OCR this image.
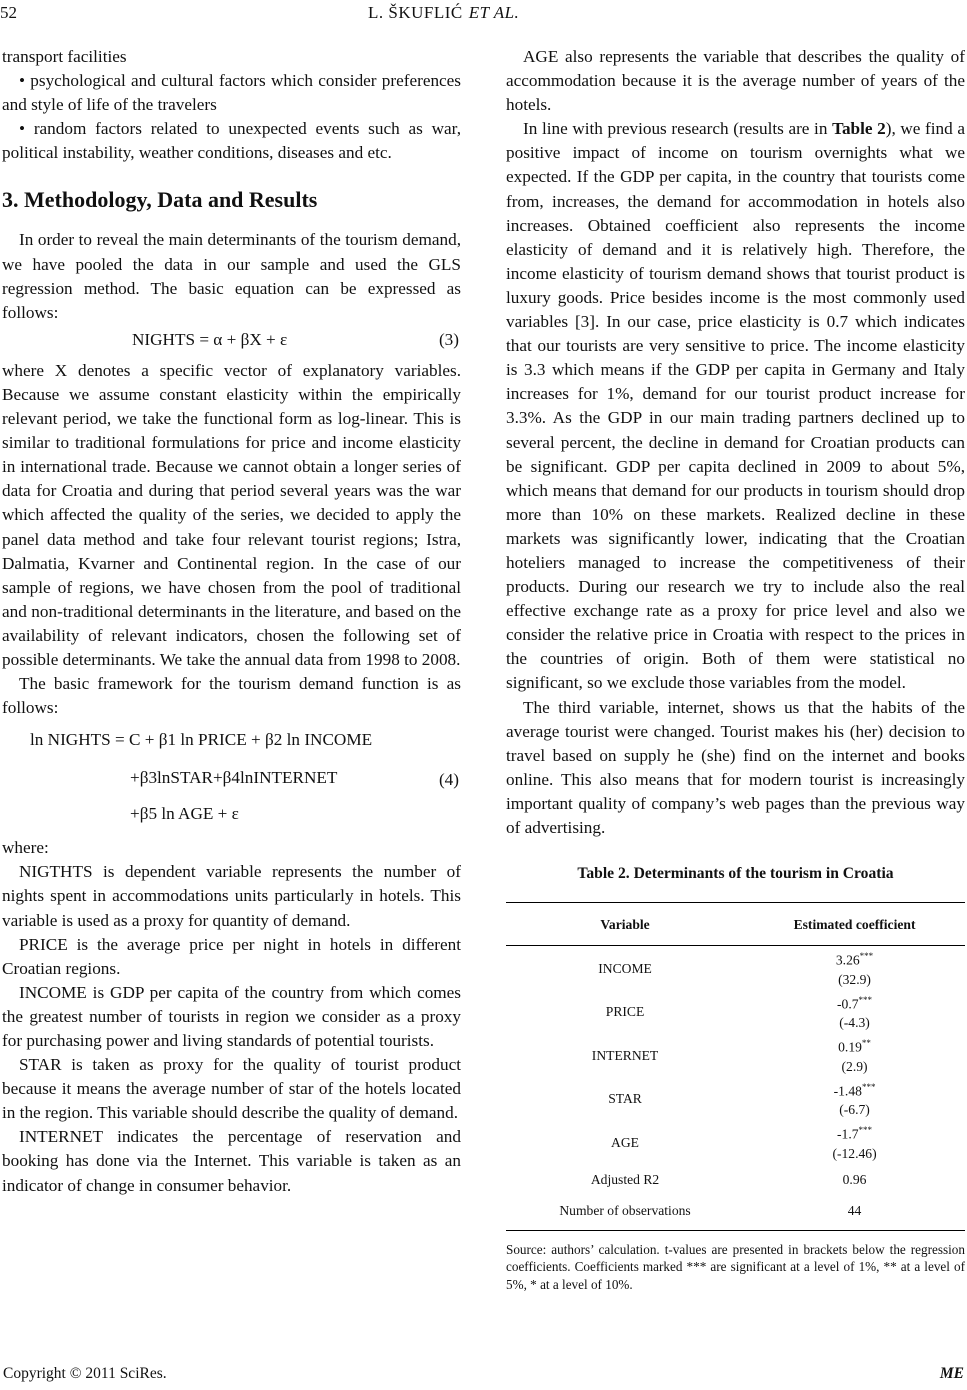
52	L. ŠKUFLIĆ ET AL.

transport facilities

• psychological and cultural factors which consider preferences and style of life of the travelers

• random factors related to unexpected events such as war, political instability, weather conditions, diseases and etc.

3. Methodology, Data and Results

In order to reveal the main determinants of the tourism demand, we have pooled the data in our sample and used the GLS regression method. The basic equation can be expressed as follows:

NIGHTS = α + βX + ε	(3)

where X denotes a specific vector of explanatory variables. Because we assume constant elasticity within the empirically relevant period, we take the functional form as log-linear. This is similar to traditional formulations for price and income elasticity in international trade. Because we cannot obtain a longer series of data for Croatia and during that period several years was the war which affected the quality of the series, we decided to apply the panel data method and take four relevant tourist regions; Istra, Dalmatia, Kvarner and Continental region. In the case of our sample of regions, we have chosen from the pool of traditional and non-traditional determinants in the literature, and based on the availability of relevant indicators, chosen the following set of possible determinants. We take the annual data from 1998 to 2008.

The basic framework for the tourism demand function is as follows:

ln NIGHTS = C + β1 ln PRICE + β2 ln INCOME
+β3lnSTAR+β4lnINTERNET
+β5 ln AGE + ε
(4)

where:

NIGTHTS is dependent variable represents the number of nights spent in accommodations units particularly in hotels. This variable is used as a proxy for quantity of demand.

PRICE is the average price per night in hotels in different Croatian regions.

INCOME is GDP per capita of the country from which comes the greatest number of tourists in region we consider as a proxy for purchasing power and living standards of potential tourists.

STAR is taken as proxy for the quality of tourist product because it means the average number of star of the hotels located in the region. This variable should describe the quality of demand.

INTERNET indicates the percentage of reservation and booking has done via the Internet. This variable is taken as an indicator of change in consumer behavior.

AGE also represents the variable that describes the quality of accommodation because it is the average number of years of the hotels.

In line with previous research (results are in Table 2), we find a positive impact of income on tourism overnights what we expected. If the GDP per capita, in the country that tourists come from, increases, the demand for accommodation in hotels also increases. Obtained coefficient also represents the income elasticity of demand and it is relatively high. Therefore, the income elasticity of tourism demand shows that tourist product is luxury goods. Price besides income is the most commonly used variables [3]. In our case, price elasticity is 0.7 which indicates that our tourists are very sensitive to price. The income elasticity is 3.3 which means if the GDP per capita in Germany and Italy increases for 1%, demand for our tourist product increase for 3.3%. As the GDP in our main trading partners declined up to several percent, the decline in demand for Croatian products can be significant. GDP per capita declined in 2009 to about 5%, which means that demand for our products in tourism should drop more than 10% on these markets. Realized decline in these markets was significantly lower, indicating that the Croatian hoteliers managed to increase the competitiveness of their products. During our research we try to include also the real effective exchange rate as a proxy for price level and also we consider the relative price in Croatia with respect to the prices in the countries of origin. Both of them were statistical no significant, so we exclude those variables from the model.

The third variable, internet, shows us that the habits of the average tourist were changed. Tourist makes his (her) decision to travel based on supply he (she) find on the internet and books online. This also means that for modern tourist is increasingly important quality of company’s web pages than the previous way of advertising.

Table 2. Determinants of the tourism in Croatia
Variable	Estimated coefficient
INCOME	3.26***
(32.9)
PRICE	-0.7***
(-4.3)
INTERNET	0.19**
(2.9)
STAR	-1.48***
(-6.7)
AGE	-1.7***
(-12.46)
Adjusted R2	0.96
Number of observations	44
Source: authors’ calculation. t-values are presented in brackets below the regression coefficients. Coefficients marked *** are significant at a level of 1%, ** at a level of 5%, * at a level of 10%.
Copyright © 2011 SciRes.	ME
